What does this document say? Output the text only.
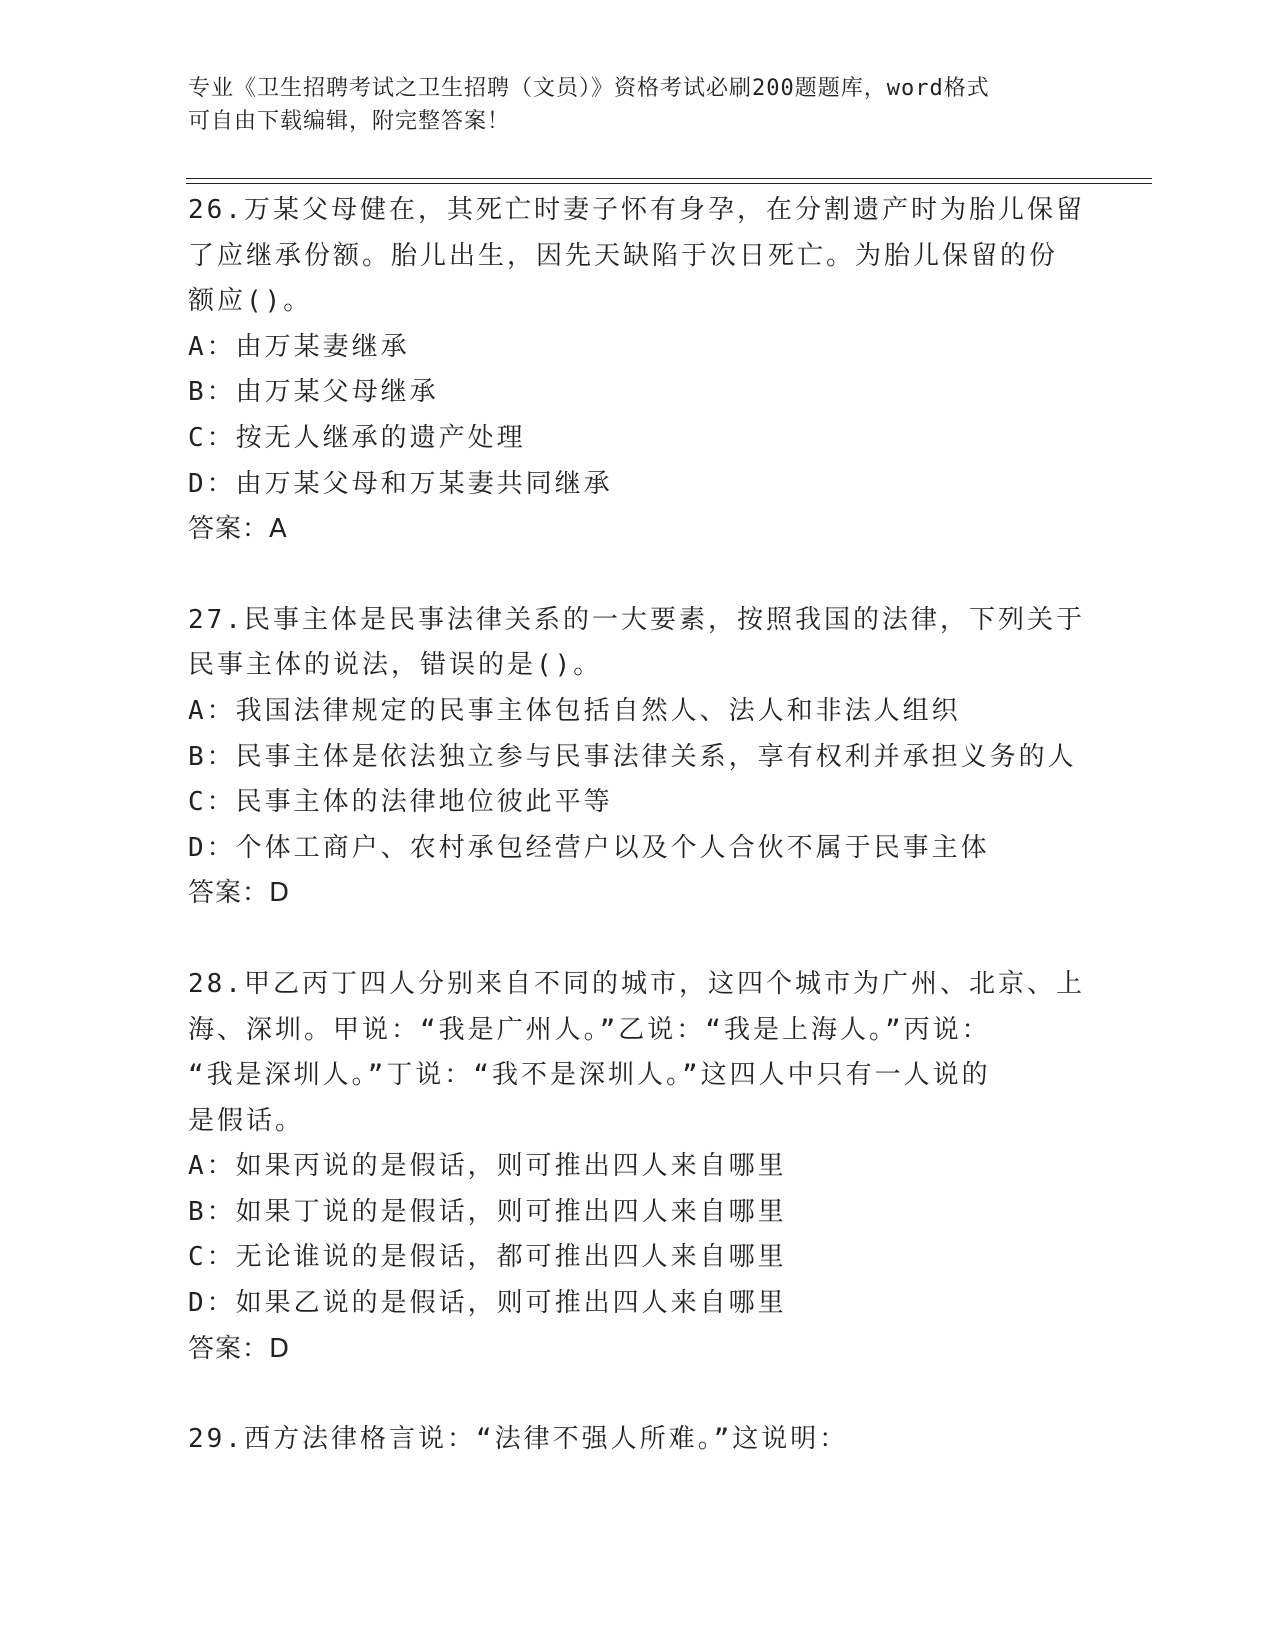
专业《卫生招聘考试之卫生招聘（文员）》资格考试必刷200题题库，word格式
可自由下载编辑，附完整答案！
26.万某父母健在，其死亡时妻子怀有身孕，在分割遗产时为胎儿保留
了应继承份额。胎儿出生，因先天缺陷于次日死亡。为胎儿保留的份
额应()。
A：由万某妻继承
B：由万某父母继承
C：按无人继承的遗产处理
D：由万某父母和万某妻共同继承
答案：A
27.民事主体是民事法律关系的一大要素，按照我国的法律，下列关于
民事主体的说法，错误的是()。
A：我国法律规定的民事主体包括自然人、法人和非法人组织
B：民事主体是依法独立参与民事法律关系，享有权利并承担义务的人
C：民事主体的法律地位彼此平等
D：个体工商户、农村承包经营户以及个人合伙不属于民事主体
答案：D
28.甲乙丙丁四人分别来自不同的城市，这四个城市为广州、北京、上
海、深圳。甲说：“我是广州人。”乙说：“我是上海人。”丙说：
“我是深圳人。”丁说：“我不是深圳人。”这四人中只有一人说的
是假话。
A：如果丙说的是假话，则可推出四人来自哪里
B：如果丁说的是假话，则可推出四人来自哪里
C：无论谁说的是假话，都可推出四人来自哪里
D：如果乙说的是假话，则可推出四人来自哪里
答案：D
29.西方法律格言说：“法律不强人所难。”这说明：
